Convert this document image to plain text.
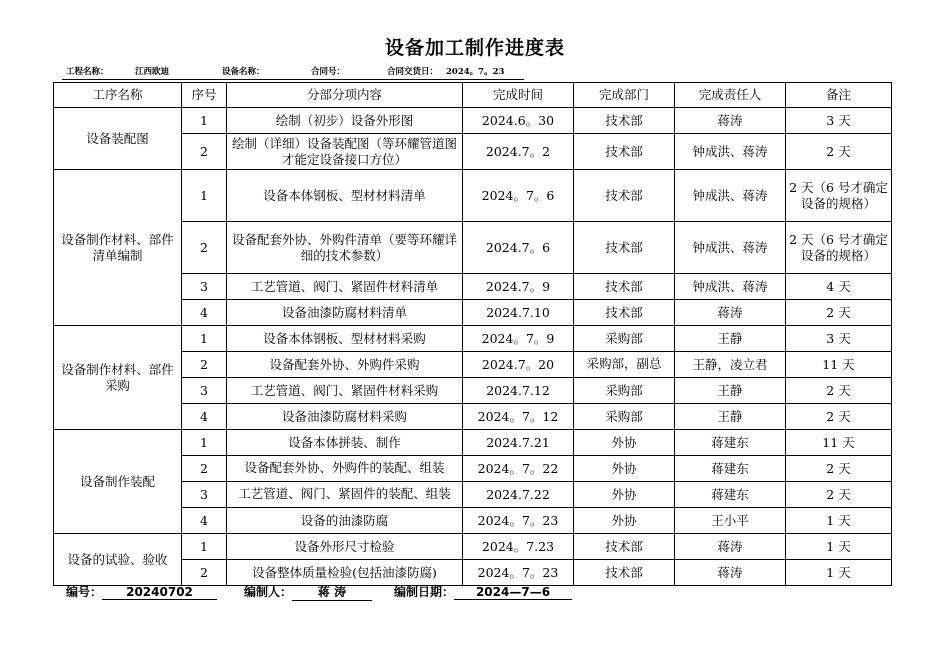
设备加工制作进度表
工程名称：	江西欧迪	设备名称：	合同号：	合同交货日： 2024。7。23
工序名称	序号	分部分项内容	完成时间	完成部门	完成责任人	备注
设备装配图	1	绘制（初步）设备外形图	2024.6。30	技术部	蒋涛	3 天
	2	绘制（详细）设备装配图（等环耀管道图才能定设备接口方位）	2024.7。2	技术部	钟成洪、蒋涛	2 天
设备制作材料、部件清单编制	1	设备本体钢板、型材材料清单	2024。7。6	技术部	钟成洪、蒋涛	2 天（6 号才确定设备的规格）
	2	设备配套外协、外购件清单（要等环耀详细的技术参数）	2024.7。6	技术部	钟成洪、蒋涛	2 天（6 号才确定设备的规格）
	3	工艺管道、阀门、紧固件材料清单	2024.7。9	技术部	钟成洪、蒋涛	4 天
	4	设备油漆防腐材料清单	2024.7.10	技术部	蒋涛	2 天
设备制作材料、部件采购	1	设备本体钢板、型材材料采购	2024。7。9	采购部	王静	3 天
	2	设备配套外协、外购件采购	2024.7。20	采购部，副总	王静，凌立君	11 天
	3	工艺管道、阀门、紧固件材料采购	2024.7.12	采购部	王静	2 天
	4	设备油漆防腐材料采购	2024。7。12	采购部	王静	2 天
设备制作装配	1	设备本体拼装、制作	2024.7.21	外协	蒋建东	11 天
	2	设备配套外协、外购件的装配、组装	2024。7。22	外协	蒋建东	2 天
	3	工艺管道、阀门、紧固件的装配、组装	2024.7.22	外协	蒋建东	2 天
	4	设备的油漆防腐	2024。7。23	外协	王小平	1 天
设备的试验、验收	1	设备外形尺寸检验	2024。7.23	技术部	蒋涛	1 天
	2	设备整体质量检验(包括油漆防腐)	2024。7。23	技术部	蒋涛	1 天
编号： 20240702	编制人： 蒋 涛	编制日期： 2024—7—6
